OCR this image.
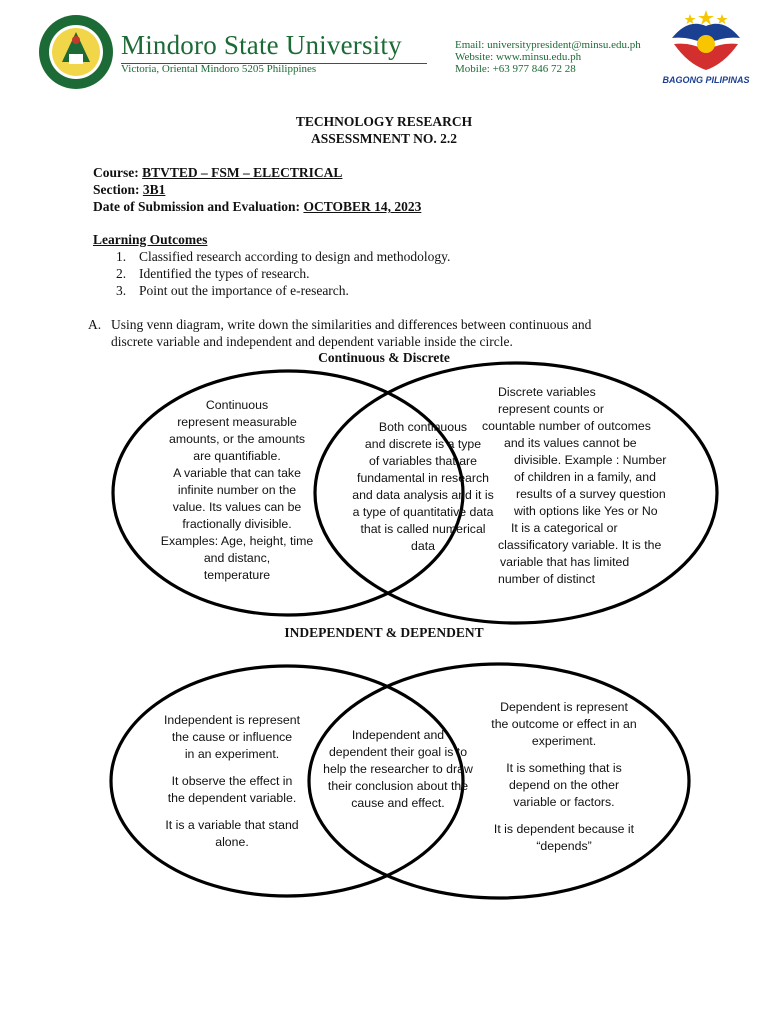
Mindoro State University
Victoria, Oriental Mindoro 5205 Philippines
Email: universitypresident@minsu.edu.ph
Website: www.minsu.edu.ph
Mobile: +63 977 846 72 28
BAGONG PILIPINAS
TECHNOLOGY RESEARCH
ASSESSMNENT NO. 2.2
Course: BTVTED – FSM – ELECTRICAL
Section: 3B1
Date of Submission and Evaluation: OCTOBER 14, 2023
Learning Outcomes
1. Classified research according to design and methodology.
2. Identified the types of research.
3. Point out the importance of e-research.
A. Using venn diagram, write down the similarities and differences between continuous and
discrete variable and independent and dependent variable inside the circle.
Continuous & Discrete

Continuous

represent measurable

amounts, or the amounts

are quantifiable.

A variable that can take

infinite number on the

value. Its values can be

fractionally divisible.

Examples: Age, height, time

and distanc,

temperature

Both continuous

and discrete is a type

of variables that are

fundamental in research

and data analysis and it is

a type of quantitative data

that is called numerical

data

Discrete variables

represent counts or

countable number of outcomes

and its values cannot be

divisible. Example : Number

of children in a family, and

results of a survey question

with options like Yes or No

It is a categorical or

classificatory variable. It is the

variable that has limited

number of distinct

INDEPENDENT & DEPENDENT

Independent is represent

the cause or influence

in an experiment.

It observe the effect in

the dependent variable.

It is a variable that stand

alone.

Independent and

dependent their goal is to

help the researcher to draw

their conclusion about the

cause and effect.

Dependent is represent

the outcome or effect in an

experiment.

It is something that is

depend on the other

variable or factors.

It is dependent because it

“depends”
